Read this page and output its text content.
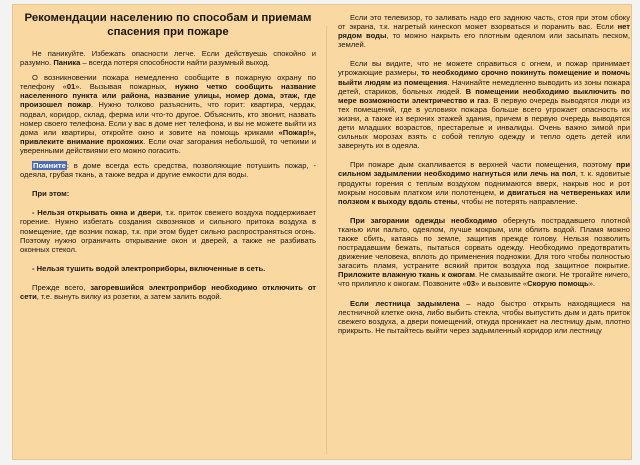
Рекомендации населению по способам и приемам спасения при пожаре

Не паникуйте. Избежать опасности легче. Если действуешь спокойно и разумно. Паника – всегда потеря способности найти разумный выход.

О возникновении пожара немедленно сообщите в пожарную охрану по телефону «01». Вызывая пожарных, нужно четко сообщить название населенного пункта или района, название улицы, номер дома, этаж, где произошел пожар. Нужно толково разъяснить, что горит: квартира, чердак, подвал, коридор, склад, ферма или что-то другое. Объяснить, кто звонит, назвать номер своего телефона. Если у вас в доме нет телефона, и вы не можете выйти из дома или квартиры, откройте окно и зовите на помощь криками «Пожар!», привлеките внимание прохожих. Если очаг загорания небольшой, то четкими и уверенными действиями его можно погасить.

Помните: в доме всегда есть средства, позволяющие потушить пожар, - одеяла, грубая ткань, а также ведра и другие емкости для воды.

При этом:

- Нельзя открывать окна и двери, т.к. приток свежего воздуха поддерживает горение. Нужно избегать создания сквозняков и сильного притока воздуха в помещение, где возник пожар, т.к. при этом будет сильно распространяться огонь. Поэтому нужно ограничить открывание окон и дверей, а также не разбивать оконных стекол.

- Нельзя тушить водой электроприборы, включенные в сеть.

Прежде всего, загоревшийся электроприбор необходимо отключить от сети, т.е. вынуть вилку из розетки, а затем залить водой.

Если это телевизор, то заливать надо его заднюю часть, стоя при этом сбоку от экрана, т.к. нагретый кинескоп может взорваться и поранить вас. Если нет рядом воды, то можно накрыть его плотным одеялом или засыпать песком, землей.

Если вы видите, что не можете справиться с огнем, и пожар принимает угрожающие размеры, то необходимо срочно покинуть помещение и помочь выйти людям из помещения. Начинайте немедленно выводить из зоны пожара детей, стариков, больных людей. В помещении необходимо выключить по мере возможности электричество и газ. В первую очередь выводятся люди из тех помещений, где в условиях пожара больше всего угрожает опасность их жизни, а также из верхних этажей здания, причем в первую очередь выводятся дети младших возрастов, престарелые и инвалиды. Очень важно зимой при сильных морозах взять с собой теплую одежду и тепло одеть детей или завернуть их в одеяла.

При пожаре дым скапливается в верхней части помещения, поэтому при сильном задымлении необходимо нагнуться или лечь на пол, т. к. ядовитые продукты горения с теплым воздухом поднимаются вверх, накрыв нос и рот мокрым носовым платком или полотенцем, и двигаться на четвереньках или ползком к выходу вдоль стены, чтобы не потерять направление.

При загорании одежды необходимо обернуть пострадавшего плотной тканью или пальто, одеялом, лучше мокрым, или облить водой. Пламя можно также сбить, катаясь по земле, защитив прежде голову. Нельзя позволить пострадавшим бежать, пытаться сорвать одежду. Необходимо предотвратить движение человека, вплоть до применения подножки. Для того чтобы полностью загасить пламя, устраните всякий приток воздуха под защитное покрытие. Приложите влажную ткань к ожогам. Не смазывайте ожоги. Не трогайте ничего, что прилипло к ожогам. Позвоните «03» и вызовите «Скорую помощь».

Если лестница задымлена – надо быстро открыть находящиеся на лестничной клетке окна, либо выбить стекла, чтобы выпустить дым и дать приток свежего воздуха, а двери помещений, откуда проникает на лестницу дым, плотно прикрыть. Не пытайтесь выйти через задымленный коридор или лестницу
